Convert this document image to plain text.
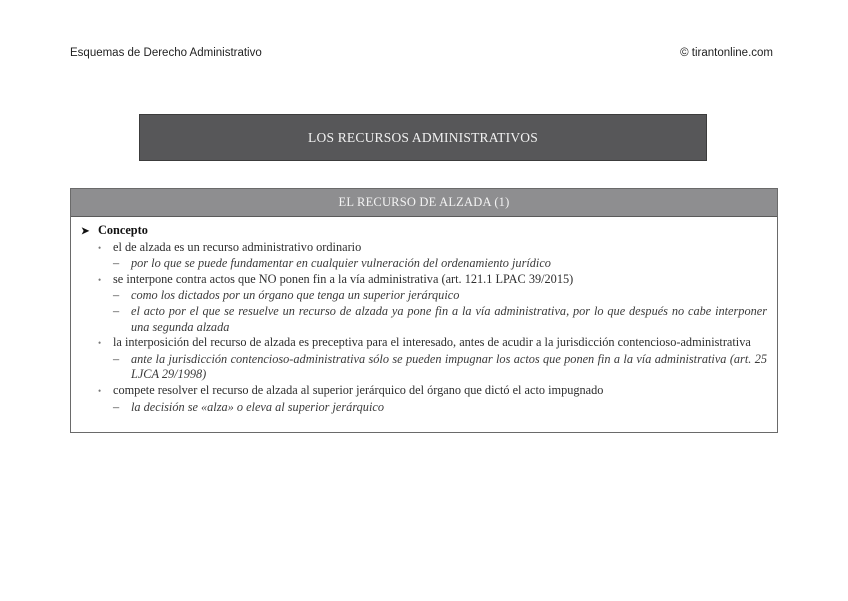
Esquemas de Derecho Administrativo	© tirantonline.com
LOS RECURSOS ADMINISTRATIVOS
EL RECURSO DE ALZADA (1)
➤ Concepto
• el de alzada es un recurso administrativo ordinario
– por lo que se puede fundamentar en cualquier vulneración del ordenamiento jurídico
• se interpone contra actos que NO ponen fin a la vía administrativa (art. 121.1 LPAC 39/2015)
– como los dictados por un órgano que tenga un superior jerárquico
– el acto por el que se resuelve un recurso de alzada ya pone fin a la vía administrativa, por lo que después no cabe interponer una segunda alzada
• la interposición del recurso de alzada es preceptiva para el interesado, antes de acudir a la jurisdicción contencioso-administrativa
– ante la jurisdicción contencioso-administrativa sólo se pueden impugnar los actos que ponen fin a la vía administrativa (art. 25 LJCA 29/1998)
• compete resolver el recurso de alzada al superior jerárquico del órgano que dictó el acto impugnado
– la decisión se «alza» o eleva al superior jerárquico
